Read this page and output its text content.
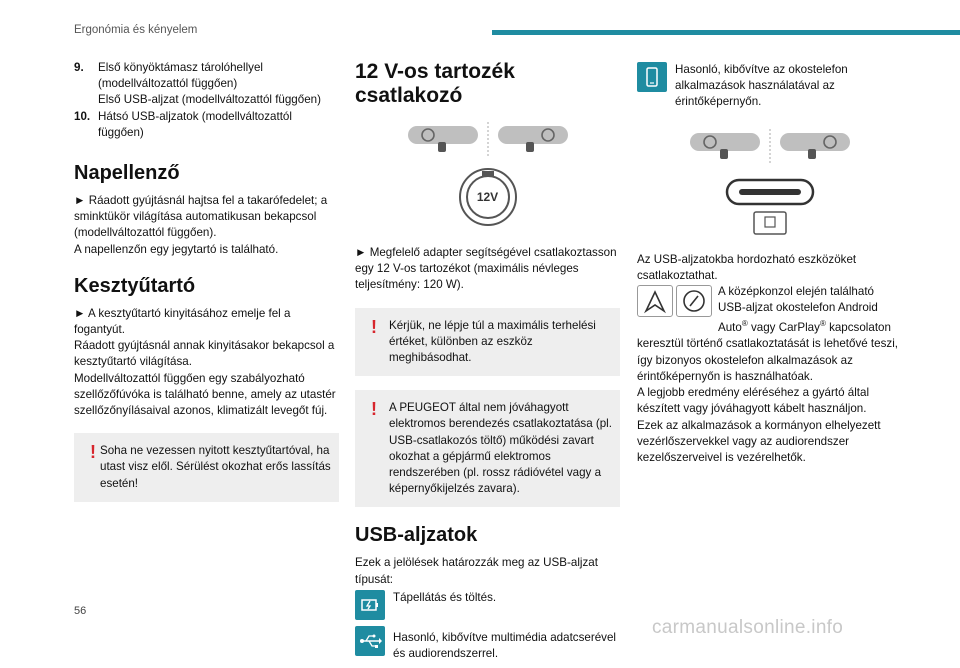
Ergonómia és kényelem
9.	Első könyöktámasz tárolóhellyel
(modellváltozattól függően)
Első USB-aljzat (modellváltozattól függően)
10. Hátsó USB-aljzatok (modellváltozattól függően)
Napellenző

► Ráadott gyújtásnál hajtsa fel a takarófedelet; a sminktükör világítása automatikusan bekapcsol (modellváltozattól függően).

A napellenzőn egy jegytartó is található.

Kesztyűtartó

► A kesztyűtartó kinyitásához emelje fel a fogantyút.

Ráadott gyújtásnál annak kinyitásakor bekapcsol a kesztyűtartó világítása.

Modellváltozattól függően egy szabályozható szellőzőfúvóka is található benne, amely az utastér szellőzőnyílásaival azonos, klimatizált levegőt fúj.

! Soha ne vezessen nyitott kesztyűtartóval, ha utast visz elől. Sérülést okozhat erős lassítás esetén!
12 V-os tartozék csatlakozó
12V

► Megfelelő adapter segítségével csatlakoztasson egy 12 V-os tartozékot (maximális névleges teljesítmény: 120 W).

!	Kérjük, ne lépje túl a maximális terhelési értéket, különben az eszköz meghibásodhat.
!	A PEUGEOT által nem jóváhagyott elektromos berendezés csatlakoztatása (pl. USB-csatlakozós töltő) működési zavart okozhat a gépjármű elektromos rendszerében (pl. rossz rádióvétel vagy a képernyőkijelzés zavara).
USB-aljzatok

Ezek a jelölések határozzák meg az USB-aljzat típusát:

Tápellátás és töltés.
Hasonló, kibővítve multimédia adatcserével és audiorendszerrel.
Hasonló, kibővítve az okostelefon alkalmazások használatával az érintőképernyőn.

Az USB-aljzatokba hordozható eszközöket csatlakoztathat.

A középkonzol elején található USB-aljzat okostelefon Android Auto® vagy CarPlay® kapcsolaton keresztül történő csatlakoztatását is lehetővé teszi, így bizonyos okostelefon alkalmazások az érintőképernyőn is használhatóak.

A legjobb eredmény eléréséhez a gyártó által készített vagy jóváhagyott kábelt használjon.

Ezek az alkalmazások a kormányon elhelyezett vezérlőszervekkel vagy az audiorendszer kezelőszerveivel is vezérelhetők.

56
carmanualsonline.info
